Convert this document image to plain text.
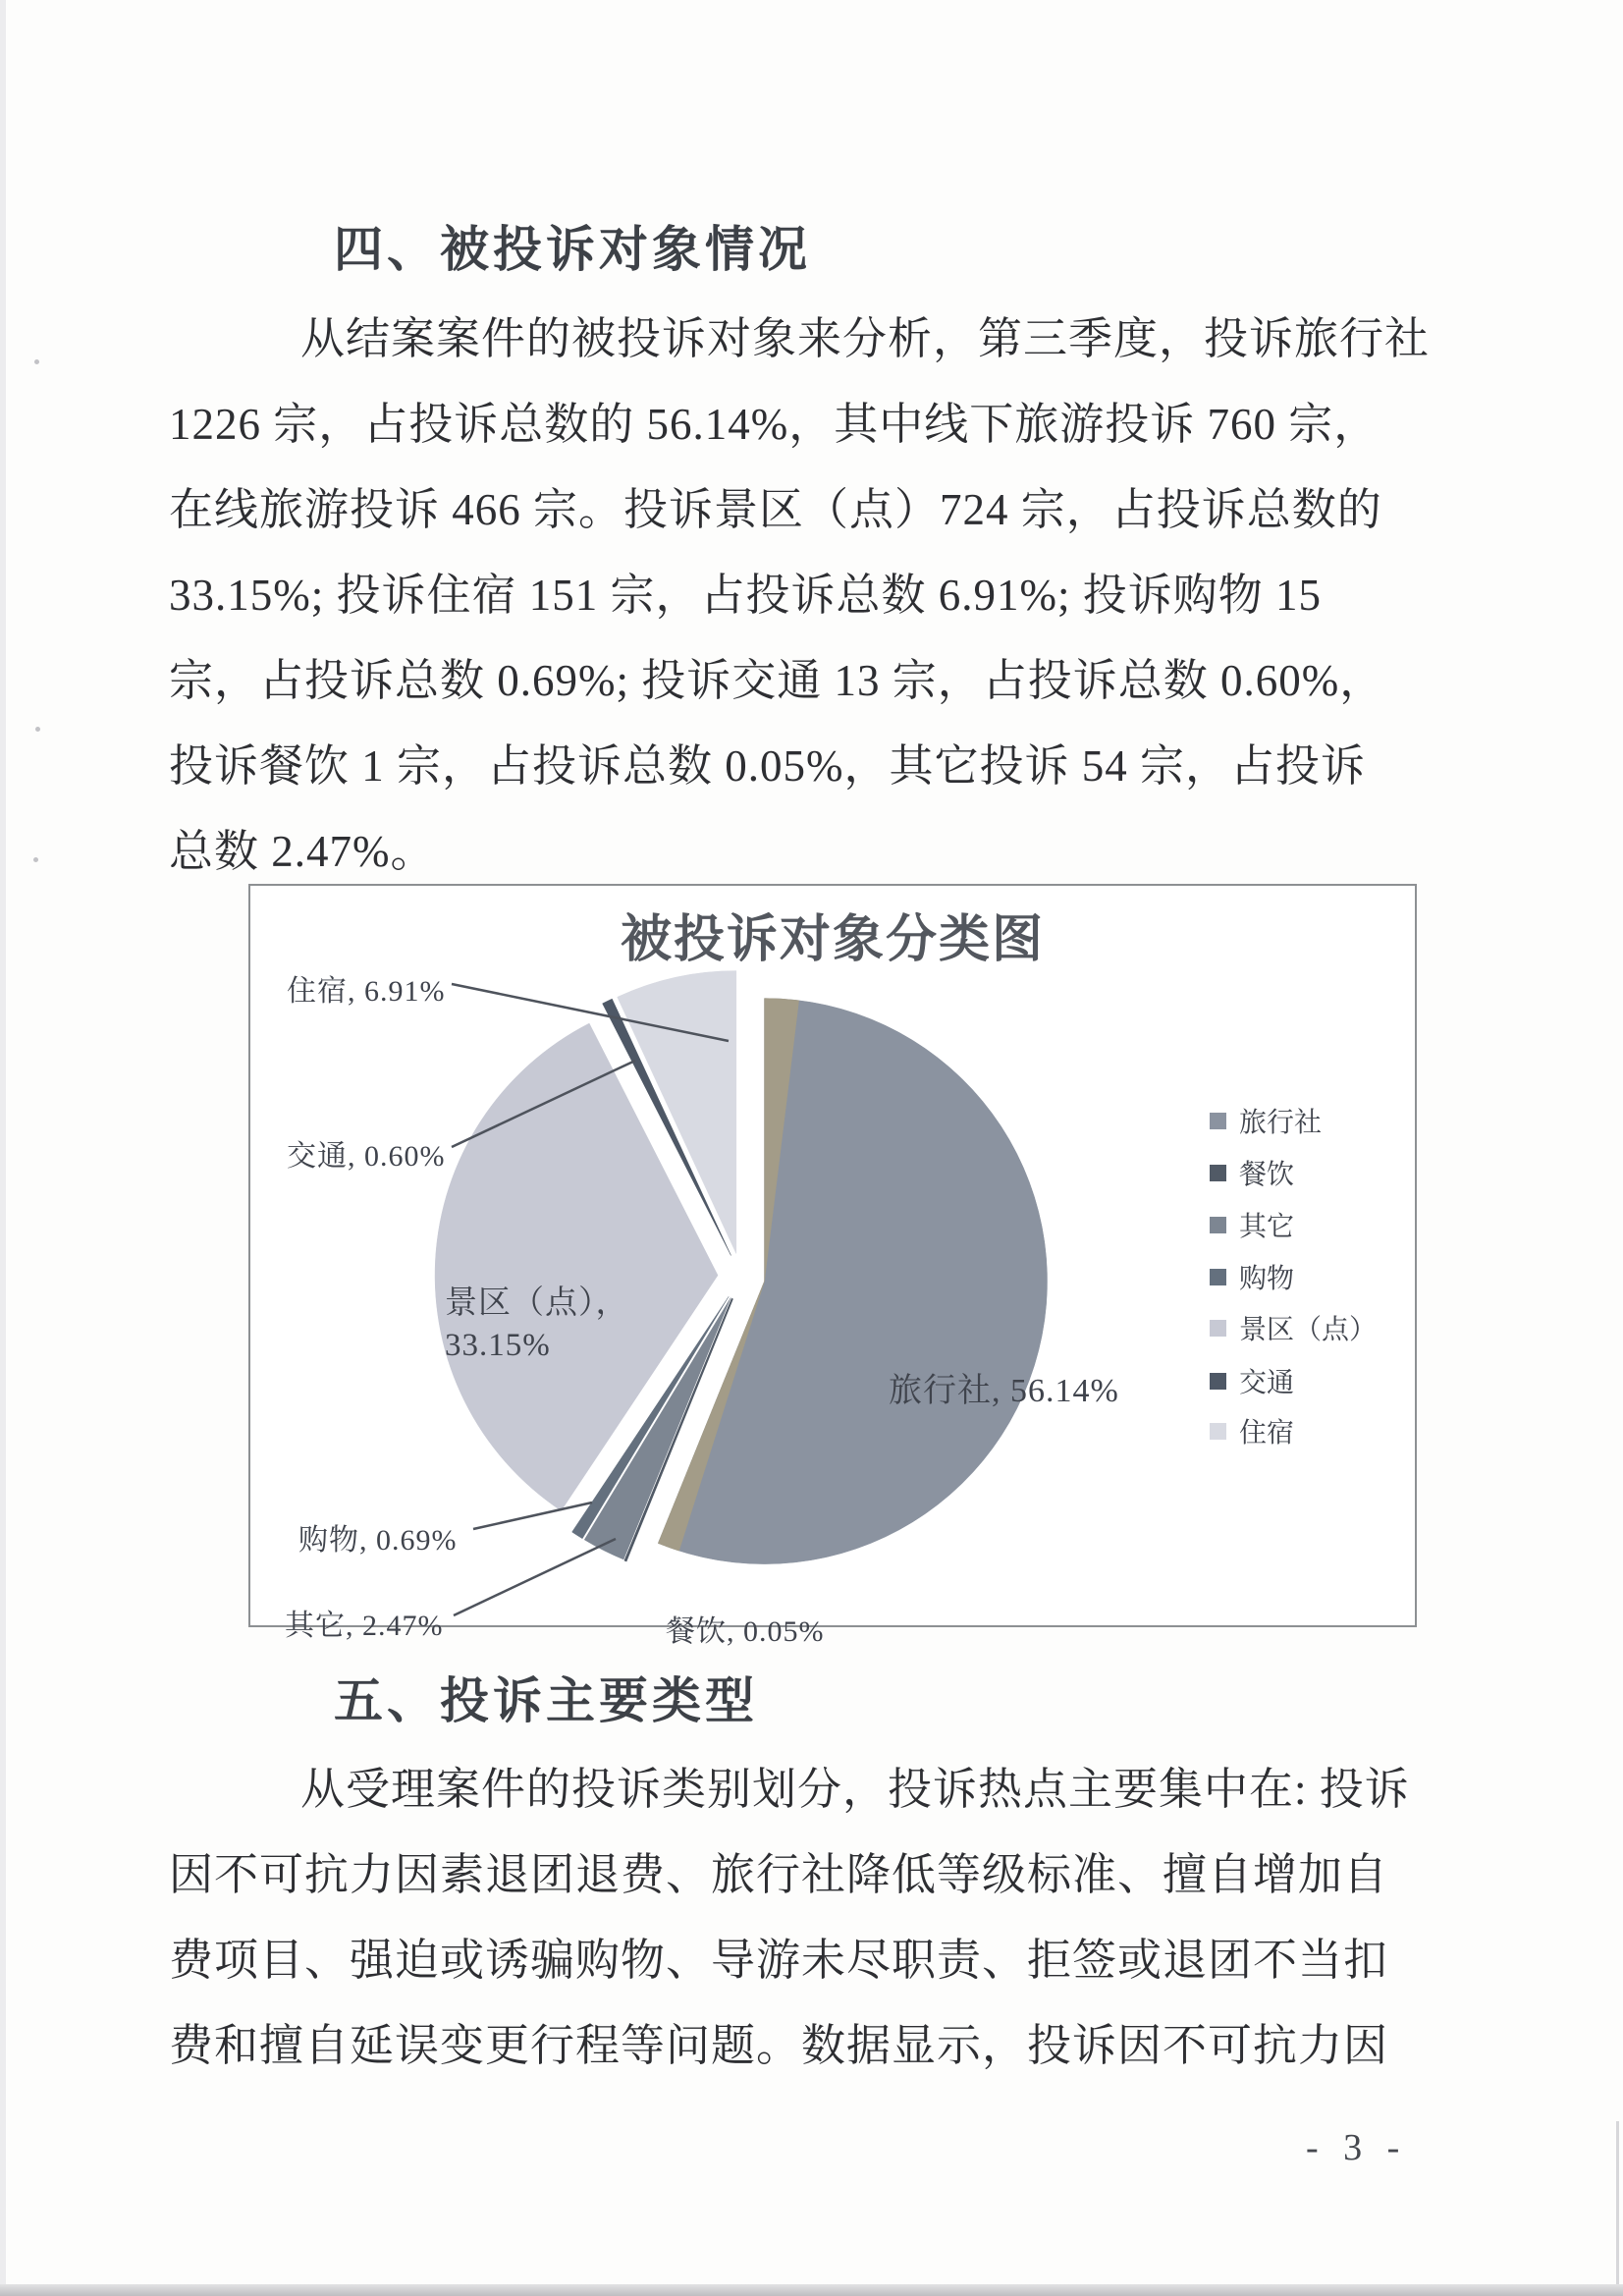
四、被投诉对象情况
从结案案件的被投诉对象来分析，第三季度，投诉旅行社
1226 宗，占投诉总数的 56.14%，其中线下旅游投诉 760 宗，
在线旅游投诉 466 宗。投诉景区（点）724 宗，占投诉总数的
33.15%; 投诉住宿 151 宗，占投诉总数 6.91%; 投诉购物 15
宗，占投诉总数 0.69%; 投诉交通 13 宗，占投诉总数 0.60%，
投诉餐饮 1 宗，占投诉总数 0.05%，其它投诉 54 宗，占投诉
总数 2.47%。
被投诉对象分类图
住宿, 6.91%
交通, 0.60%
景区（点），
33.15%
旅行社, 56.14%
购物, 0.69%
其它, 2.47%	餐饮, 0.05%
旅行社
餐饮
其它
购物
景区（点）
交通
住宿
五、投诉主要类型
从受理案件的投诉类别划分，投诉热点主要集中在: 投诉
因不可抗力因素退团退费、旅行社降低等级标准、擅自增加自
费项目、强迫或诱骗购物、导游未尽职责、拒签或退团不当扣
费和擅自延误变更行程等问题。数据显示，投诉因不可抗力因
- 3 -
